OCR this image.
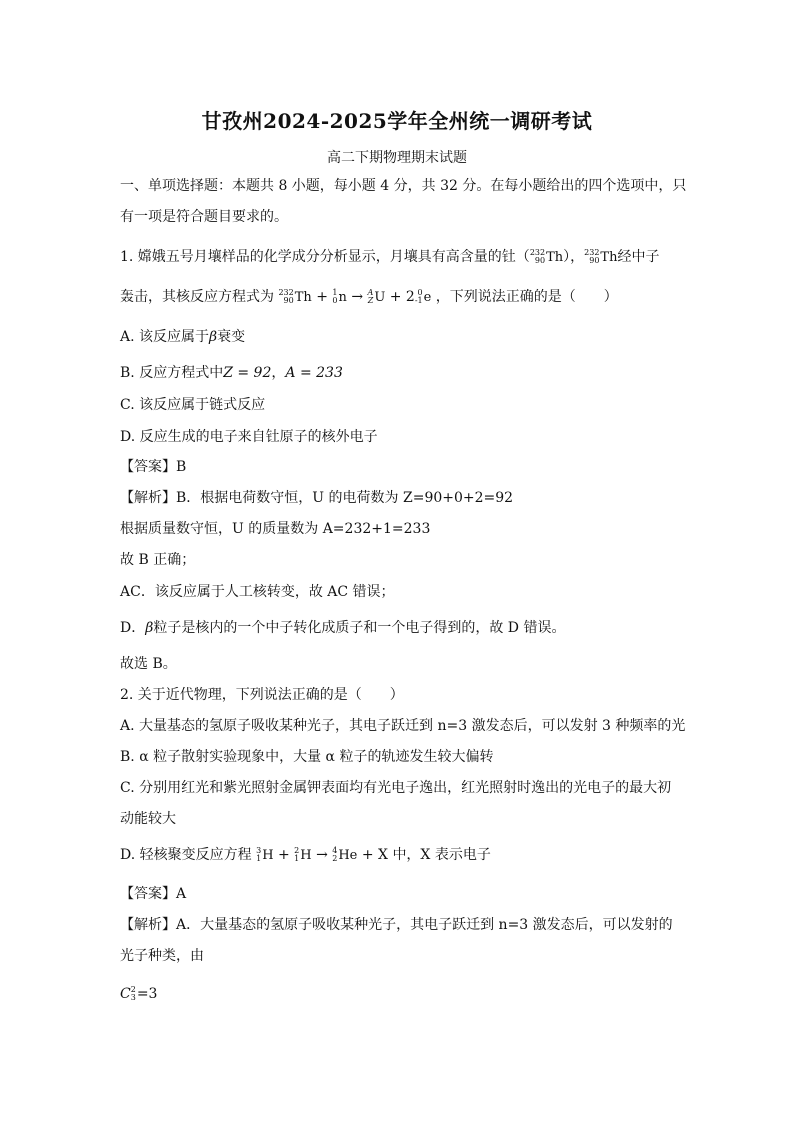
甘孜州2024-2025学年全州统一调研考试
高二下期物理期末试题
一、单项选择题：本题共 8 小题，每小题 4 分，共 32 分。在每小题给出的四个选项中，只
有一项是符合题目要求的。
1. 嫦娥五号月壤样品的化学成分分析显示，月壤具有高含量的钍（ 232
90 Th）， 232
90 Th经中子
轰击，其核反应方程式为 232
90 Th + 1
0 n → A
Z U + 2 0
-1 e ，下列说法正确的是（　　）
A. 该反应属于β衰变
B. 反应方程式中Z = 92，A = 233
C. 该反应属于链式反应
D. 反应生成的电子来自钍原子的核外电子
【答案】B
【解析】B．根据电荷数守恒，U 的电荷数为 Z=90+0+2=92
根据质量数守恒，U 的质量数为 A=232+1=233
故 B 正确；
AC．该反应属于人工核转变，故 AC 错误；
D．β粒子是核内的一个中子转化成质子和一个电子得到的，故 D 错误。
故选 B。
2. 关于近代物理，下列说法正确的是（　　）
A. 大量基态的氢原子吸收某种光子，其电子跃迁到 n=3 激发态后，可以发射 3 种频率的光
B. α 粒子散射实验现象中，大量 α 粒子的轨迹发生较大偏转
C. 分别用红光和紫光照射金属钾表面均有光电子逸出，红光照射时逸出的光电子的最大初
动能较大
D. 轻核聚变反应方程 3
1 H + 2
1 H → 4
2 He + X 中，X 表示电子
【答案】A
【解析】A．大量基态的氢原子吸收某种光子，其电子跃迁到 n=3 激发态后，可以发射的
光子种类，由
C 2
3 =3
